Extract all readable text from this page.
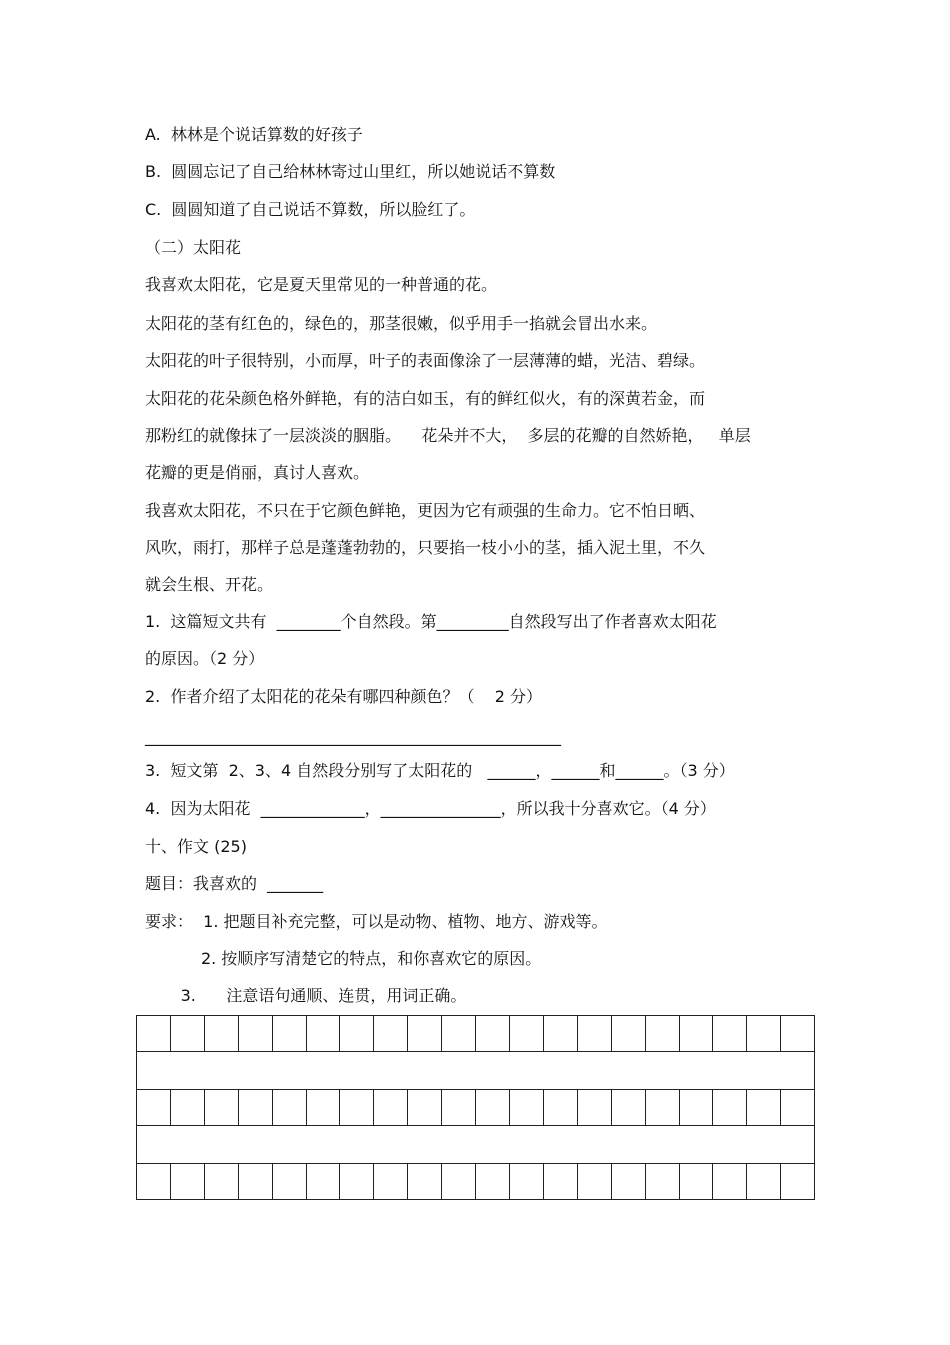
A.  林林是个说话算数的好孩子
B.  圆圆忘记了自己给林林寄过山里红，所以她说话不算数
C.  圆圆知道了自己说话不算数，所以脸红了。
（二）太阳花
我喜欢太阳花，它是夏天里常见的一种普通的花。
太阳花的茎有红色的，绿色的，那茎很嫩，似乎用手一掐就会冒出水来。
太阳花的叶子很特别，小而厚，叶子的表面像涂了一层薄薄的蜡，光洁、碧绿。
太阳花的花朵颜色格外鲜艳，有的洁白如玉，有的鲜红似火，有的深黄若金，而
那粉红的就像抹了一层淡淡的胭脂。    花朵并不大，  多层的花瓣的自然娇艳，   单层
花瓣的更是俏丽，真讨人喜欢。
我喜欢太阳花，不只在于它颜色鲜艳，更因为它有顽强的生命力。它不怕日晒、
风吹，雨打，那样子总是蓬蓬勃勃的，只要掐一枝小小的茎，插入泥土里，不久
就会生根、开花。
1.  这篇短文共有  ________个自然段。第_________自然段写出了作者喜欢太阳花
的原因。（2 分）
2.  作者介绍了太阳花的花朵有哪四种颜色？（    2 分）
____________________________________________________
3.  短文第  2、3、4 自然段分别写了太阳花的   ______，______和______。（3 分）
4.  因为太阳花  _____________，_______________，所以我十分喜欢它。（4 分）
十、作文 (25)
题目：我喜欢的  _______
要求：  1. 把题目补充完整，可以是动物、植物、地方、游戏等。
2. 按顺序写清楚它的特点，和你喜欢它的原因。
3.      注意语句通顺、连贯，用词正确。
